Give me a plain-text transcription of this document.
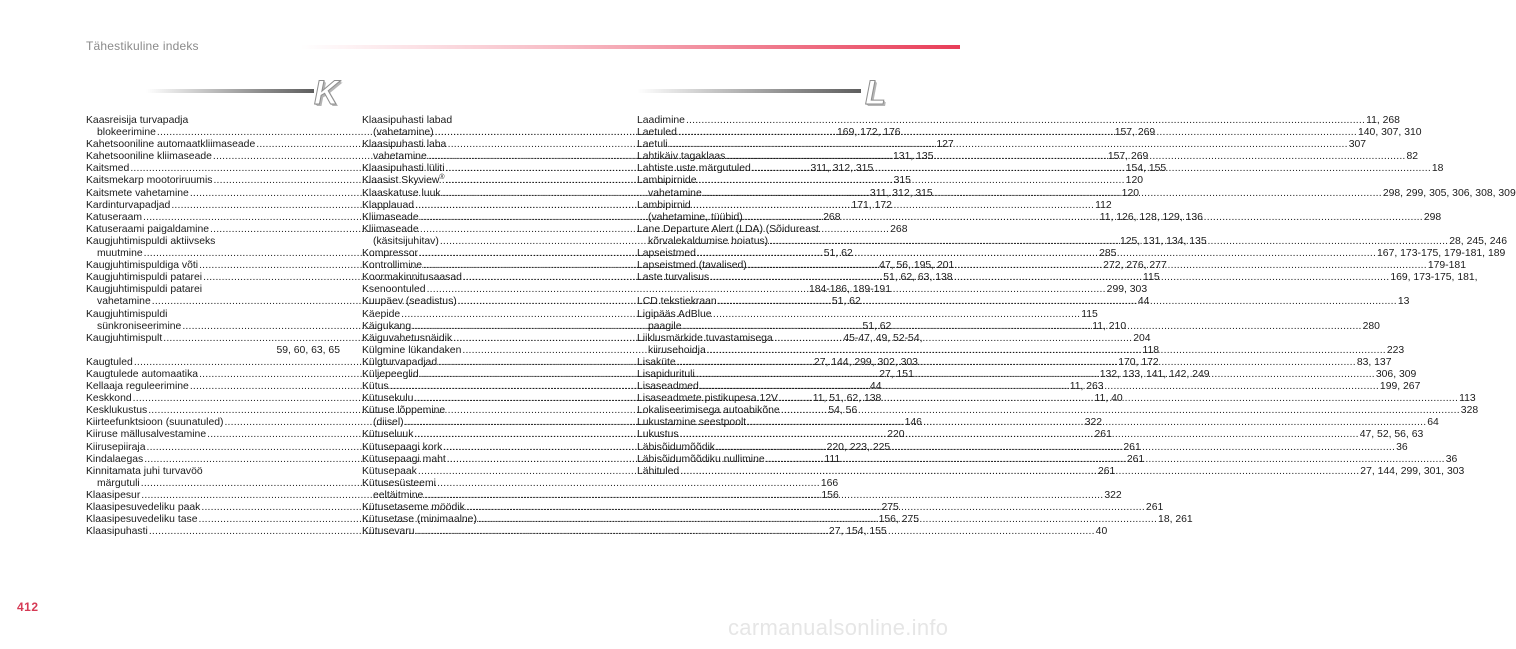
Tähestikuline indeks
K	L
Kaasreisija turvapadja
blokeerimine .....	169, 172, 176
Kahetsooniline automaatkliimaseade .....	127
Kahetsooniline kliimaseade .....	131, 135
Kaitsmed .....	311, 312, 315
Kaitsmekarp mootoriruumis .....	315
Kaitsmete vahetamine .....	311, 312, 315
Kardinturvapadjad .....	171, 172
Katuseraam .....	268
Katuseraami paigaldamine .....	268
Kaugjuhtimispuldi aktiivseks
muutmine .....	51, 62
Kaugjuhtimispuldiga võti .....	47, 56, 195, 201
Kaugjuhtimispuldi patarei .....	51, 62, 63, 138
Kaugjuhtimispuldi patarei
vahetamine .....	51, 62
Kaugjuhtimispuldi
sünkroniseerimine .....	51, 62
Kaugjuhtimispult .....	45-47, 49, 52-54,
59, 60, 63, 65
Kaugtuled .....	27, 144, 299, 302, 303
Kaugtulede automaatika .....	27, 151
Kellaaja reguleerimine .....	44
Keskkond .....	11, 51, 62, 138
Kesklukustus .....	54, 56
Kiirteefunktsioon (suunatuled) .....	146
Kiiruse mällusalvestamine .....	220
Kiirusepiiraja .....	220, 223, 225
Kindalaegas .....	111
Kinnitamata juhi turvavöö
märgutuli .....	166
Klaasipesur .....	156
Klaasipesuvedeliku paak .....	275
Klaasipesuvedeliku tase .....	156, 275
Klaasipuhasti .....	27, 154, 155
Klaasipuhasti labad
(vahetamine) .....	157, 269
Klaasipuhasti laba
vahetamine .....	157, 269
Klaasipuhasti lüliti .....	154, 155
Klaasist Skyview® .....	120
Klaaskatuse luuk .....	120
Klapplauad .....	112
Kliimaseade .....	11, 126, 128, 129, 136
Kliimaseade
(käsitsijuhitav) .....	125, 131, 134, 135
Kompressor .....	285
Kontrollimine .....	272, 276, 277
Koormakinnitusaasad .....	115
Ksenoontuled .....	299, 303
Kuupäev (seadistus) .....	44
Käepide .....	115
Käigukang .....	11, 210
Käiguvahetusnäidik .....	204
Külgmine lükandaken .....	118
Külgturvapadjad .....	170, 172
Küljepeeglid .....	132, 133, 141, 142, 249
Kütus .....	11, 263
Kütusekulu .....	11, 40
Kütuse lõppemine
(diisel) .....	322
Kütuseluuk .....	261
Kütusepaagi kork .....	261
Kütusepaagi maht .....	261
Kütusepaak .....	261
Kütusesüsteemi
eeltäitmine .....	322
Kütusetaseme möödik .....	261
Kütusetase (minimaalne) .....	18, 261
Kütusevaru .....	40
Laadimine .....	11, 268
Laetuled .....	140, 307, 310
Laetuli .....	307
Lahtikäiv tagaklaas .....	82
Lahtiste uste märgutuled .....	18
Lambipirnide
vahetamine .....	298, 299, 305, 306, 308, 309
Lambipirnid
(vahetamine, tüübid) .....	298
Lane Departure Alert (LDA) (Sõidureast
kõrvalekaldumise hoiatus) .....	28, 245, 246
Lapseistmed .....	167, 173-175, 179-181, 189
Lapseistmed (tavalised) .....	179-181
Laste turvalisus .....	169, 173-175, 181,
184-186, 189-191
LCD tekstiekraan .....	13
Ligipääs AdBlue
paagile .....	280
Liiklusmärkide tuvastamisega
kiirusehoidja .....	223
Lisaküte .....	83, 137
Lisapidurituli .....	306, 309
Lisaseadmed .....	199, 267
Lisaseadmete pistikupesa 12V .....	113
Lokaliseerimisega autoabikõne .....	328
Lukustamine seestpoolt .....	64
Lukustus .....	47, 52, 56, 63
Läbisõidumõõdik .....	36
Läbisõidumõõdiku nullimine .....	36
Lähituled .....	27, 144, 299, 301, 303
412
carmanualsonline.info
